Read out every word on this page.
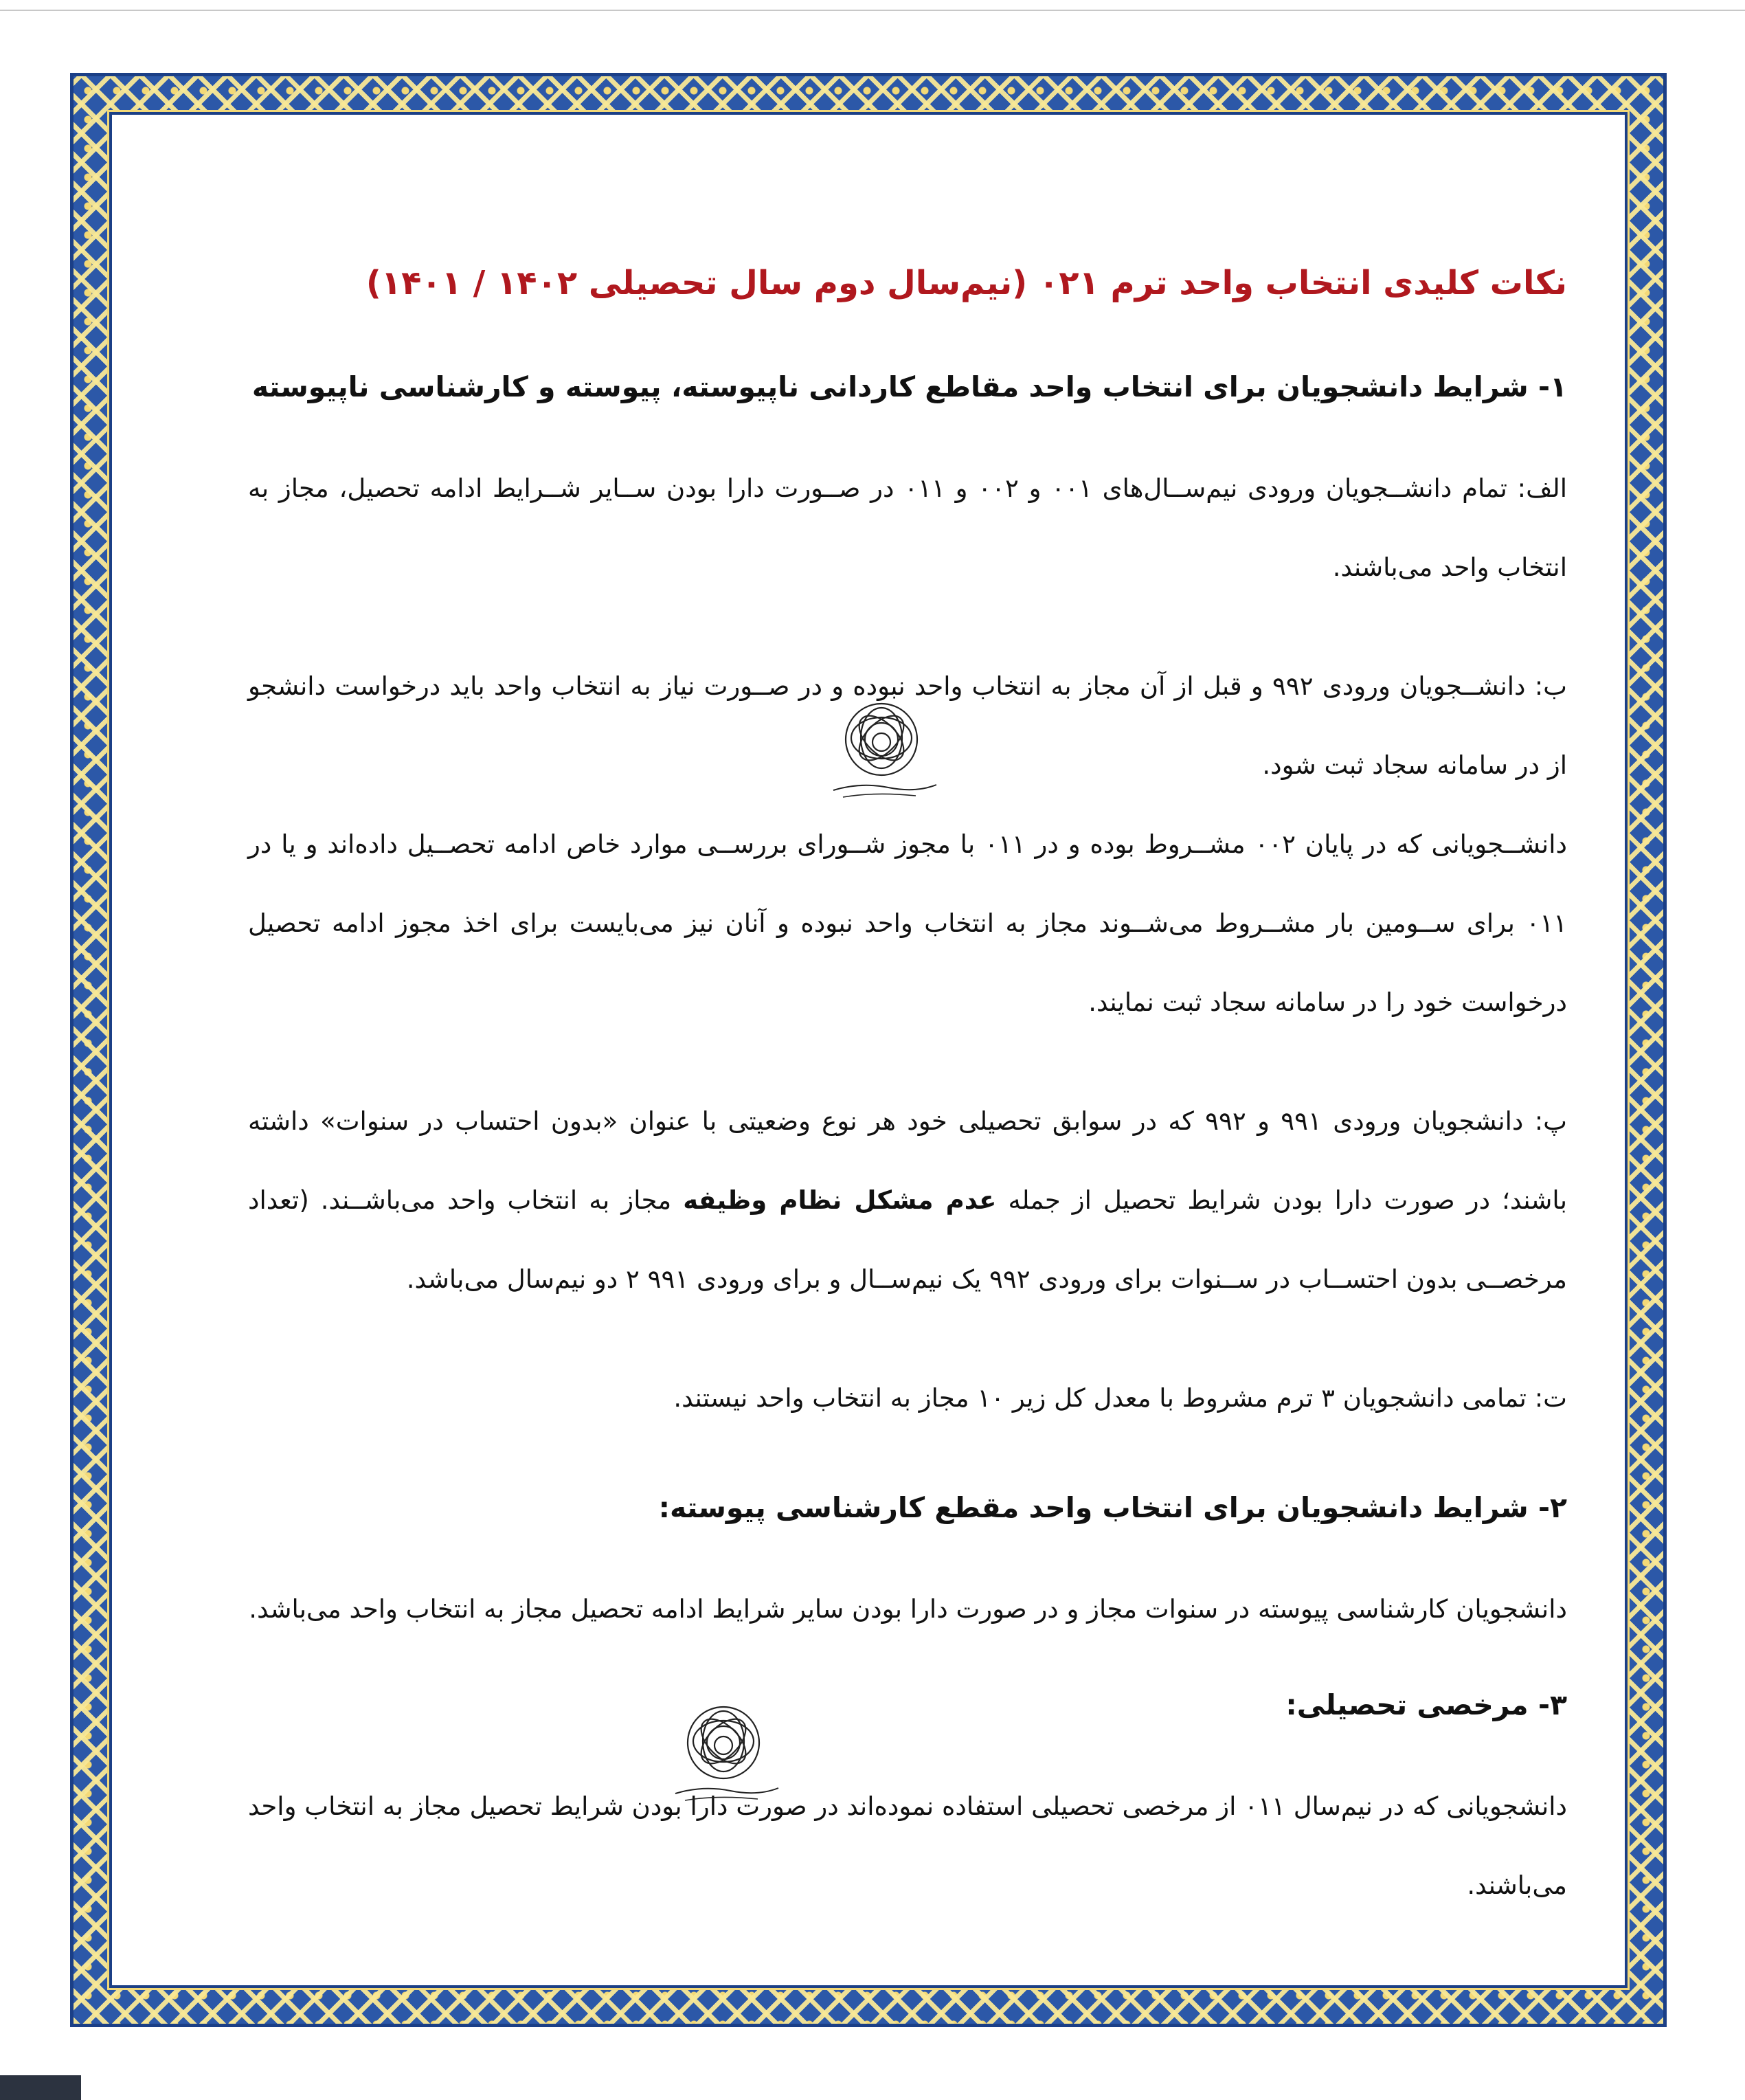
نکات کلیدی انتخاب واحد ترم ۰۲۱ (نیم‌سال دوم سال تحصیلی ۱۴۰۲ / ۱۴۰۱)
۱- شرایط دانشجویان برای انتخاب واحد مقاطع کاردانی ناپیوسته، پیوسته و کارشناسی ناپیوسته

الف: تمام دانشــجویان ورودی نیم‌ســال‌های ۰۰۱ و ۰۰۲ و ۰۱۱ در صــورت دارا بودن ســایر شــرایط ادامه تحصیل، مجاز به انتخاب واحد می‌باشند.

ب: دانشــجویان ورودی ۹۹۲ و قبل از آن مجاز به انتخاب واحد نبوده و در صــورت نیاز به انتخاب واحد باید درخواست دانشجو از در سامانه سجاد ثبت شود.

دانشــجویانی که در پایان ۰۰۲ مشــروط بوده و در ۰۱۱ با مجوز شــورای بررســی موارد خاص ادامه تحصــیل داده‌اند و یا در ۰۱۱ برای ســومین بار مشــروط می‌شــوند مجاز به انتخاب واحد نبوده و آنان نیز می‌بایست برای اخذ مجوز ادامه تحصیل درخواست خود را در سامانه سجاد ثبت نمایند.

پ: دانشجویان ورودی ۹۹۱ و ۹۹۲ که در سوابق تحصیلی خود هر نوع وضعیتی با عنوان «بدون احتساب در سنوات» داشته باشند؛ در صورت دارا بودن شرایط تحصیل از جمله عدم مشکل نظام وظیفه مجاز به انتخاب واحد می‌باشــند. (تعداد مرخصــی بدون احتســاب در ســنوات برای ورودی ۹۹۲ یک نیم‌ســال و برای ورودی ۹۹۱ ۲ دو نیم‌سال می‌باشد.

ت: تمامی دانشجویان ۳ ترم مشروط با معدل کل زیر ۱۰ مجاز به انتخاب واحد نیستند.

۲- شرایط دانشجویان برای انتخاب واحد مقطع کارشناسی پیوسته:

دانشجویان کارشناسی پیوسته در سنوات مجاز و در صورت دارا بودن سایر شرایط ادامه تحصیل مجاز به انتخاب واحد می‌باشد.

۳- مرخصی تحصیلی:

دانشجویانی که در نیم‌سال ۰۱۱ از مرخصی تحصیلی استفاده نموده‌اند در صورت دارا بودن شرایط تحصیل مجاز به انتخاب واحد می‌باشند.
